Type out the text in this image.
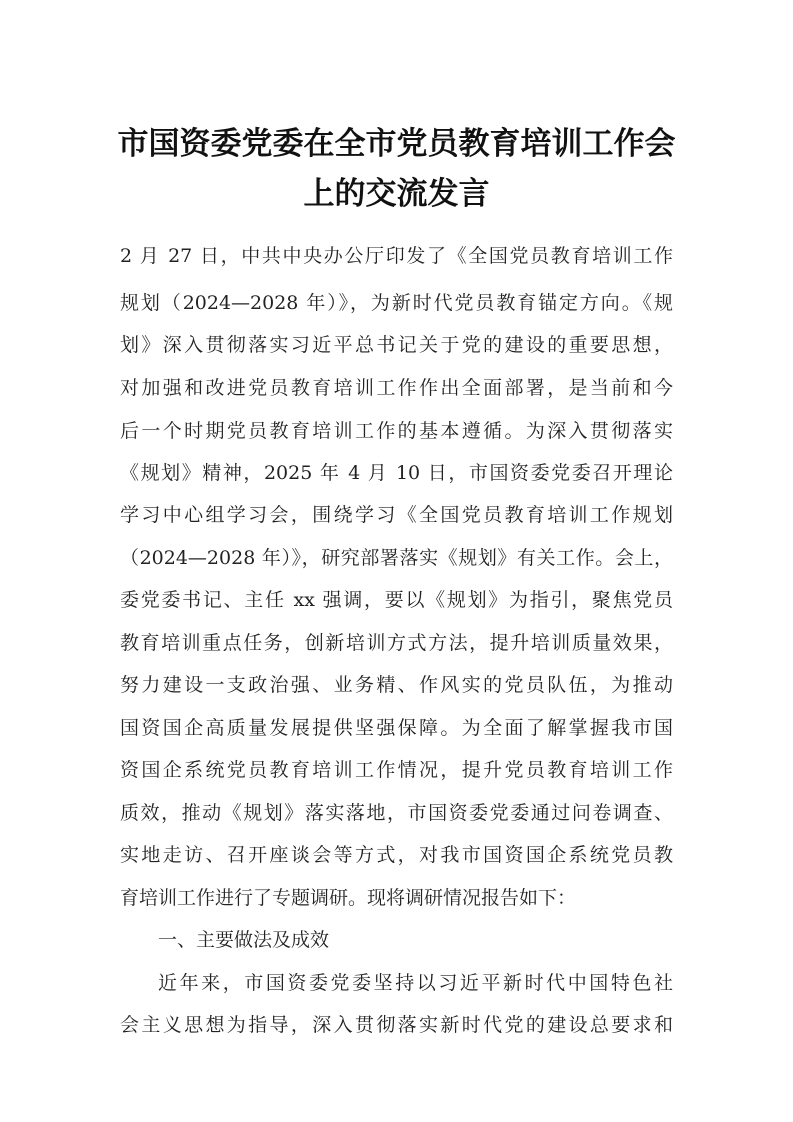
市国资委党委在全市党员教育培训工作会
上的交流发言
2 月 27 日，中共中央办公厅印发了《全国党员教育培训工作
规划（2024—2028 年）》，为新时代党员教育锚定方向。《规
划》深入贯彻落实习近平总书记关于党的建设的重要思想，
对加强和改进党员教育培训工作作出全面部署，是当前和今
后一个时期党员教育培训工作的基本遵循。为深入贯彻落实
《规划》精神，2025 年 4 月 10 日，市国资委党委召开理论
学习中心组学习会，围绕学习《全国党员教育培训工作规划
（2024—2028 年）》，研究部署落实《规划》有关工作。会上，
委党委书记、主任 xx 强调，要以《规划》为指引，聚焦党员
教育培训重点任务，创新培训方式方法，提升培训质量效果，
努力建设一支政治强、业务精、作风实的党员队伍，为推动
国资国企高质量发展提供坚强保障。为全面了解掌握我市国
资国企系统党员教育培训工作情况，提升党员教育培训工作
质效，推动《规划》落实落地，市国资委党委通过问卷调查、
实地走访、召开座谈会等方式，对我市国资国企系统党员教
育培训工作进行了专题调研。现将调研情况报告如下：
一、主要做法及成效
近年来，市国资委党委坚持以习近平新时代中国特色社
会主义思想为指导，深入贯彻落实新时代党的建设总要求和
